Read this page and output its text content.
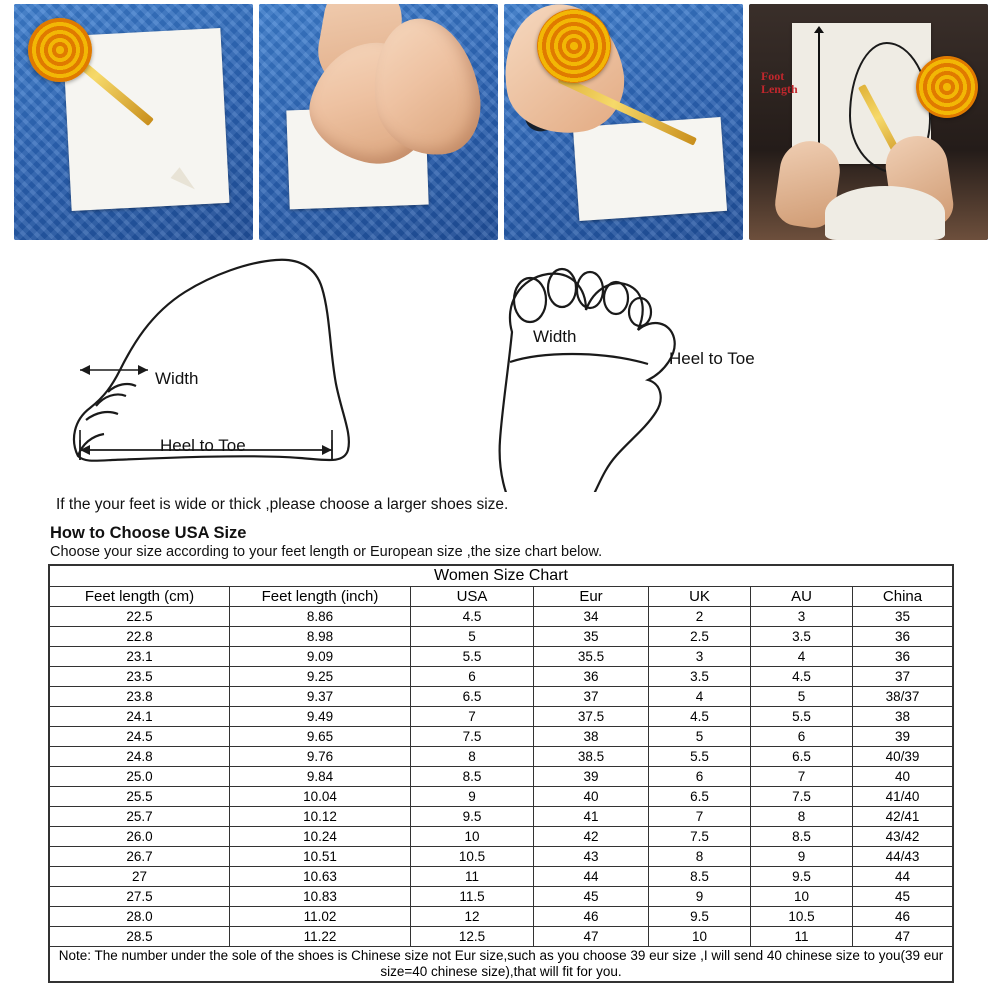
Foot
Length
Width
Heel to Toe
Width
Heel to Toe
If the your feet is wide or thick ,please choose a larger shoes size.
How to Choose USA Size
Choose your size according to your feet length or European size ,the size chart below.
Women Size Chart						
Feet length (cm)	Feet length (inch)	USA	Eur	UK	AU	China
22.5	8.86	4.5	34	2	3	35
22.8	8.98	5	35	2.5	3.5	36
23.1	9.09	5.5	35.5	3	4	36
23.5	9.25	6	36	3.5	4.5	37
23.8	9.37	6.5	37	4	5	38/37
24.1	9.49	7	37.5	4.5	5.5	38
24.5	9.65	7.5	38	5	6	39
24.8	9.76	8	38.5	5.5	6.5	40/39
25.0	9.84	8.5	39	6	7	40
25.5	10.04	9	40	6.5	7.5	41/40
25.7	10.12	9.5	41	7	8	42/41
26.0	10.24	10	42	7.5	8.5	43/42
26.7	10.51	10.5	43	8	9	44/43
27	10.63	11	44	8.5	9.5	44
27.5	10.83	11.5	45	9	10	45
28.0	11.02	12	46	9.5	10.5	46
28.5	11.22	12.5	47	10	11	47
Note: The number under the sole of the shoes is Chinese size not Eur size,such as you choose 39 eur size ,I will send 40 chinese size to you(39 eur size=40 chinese size),that will fit for you.						
